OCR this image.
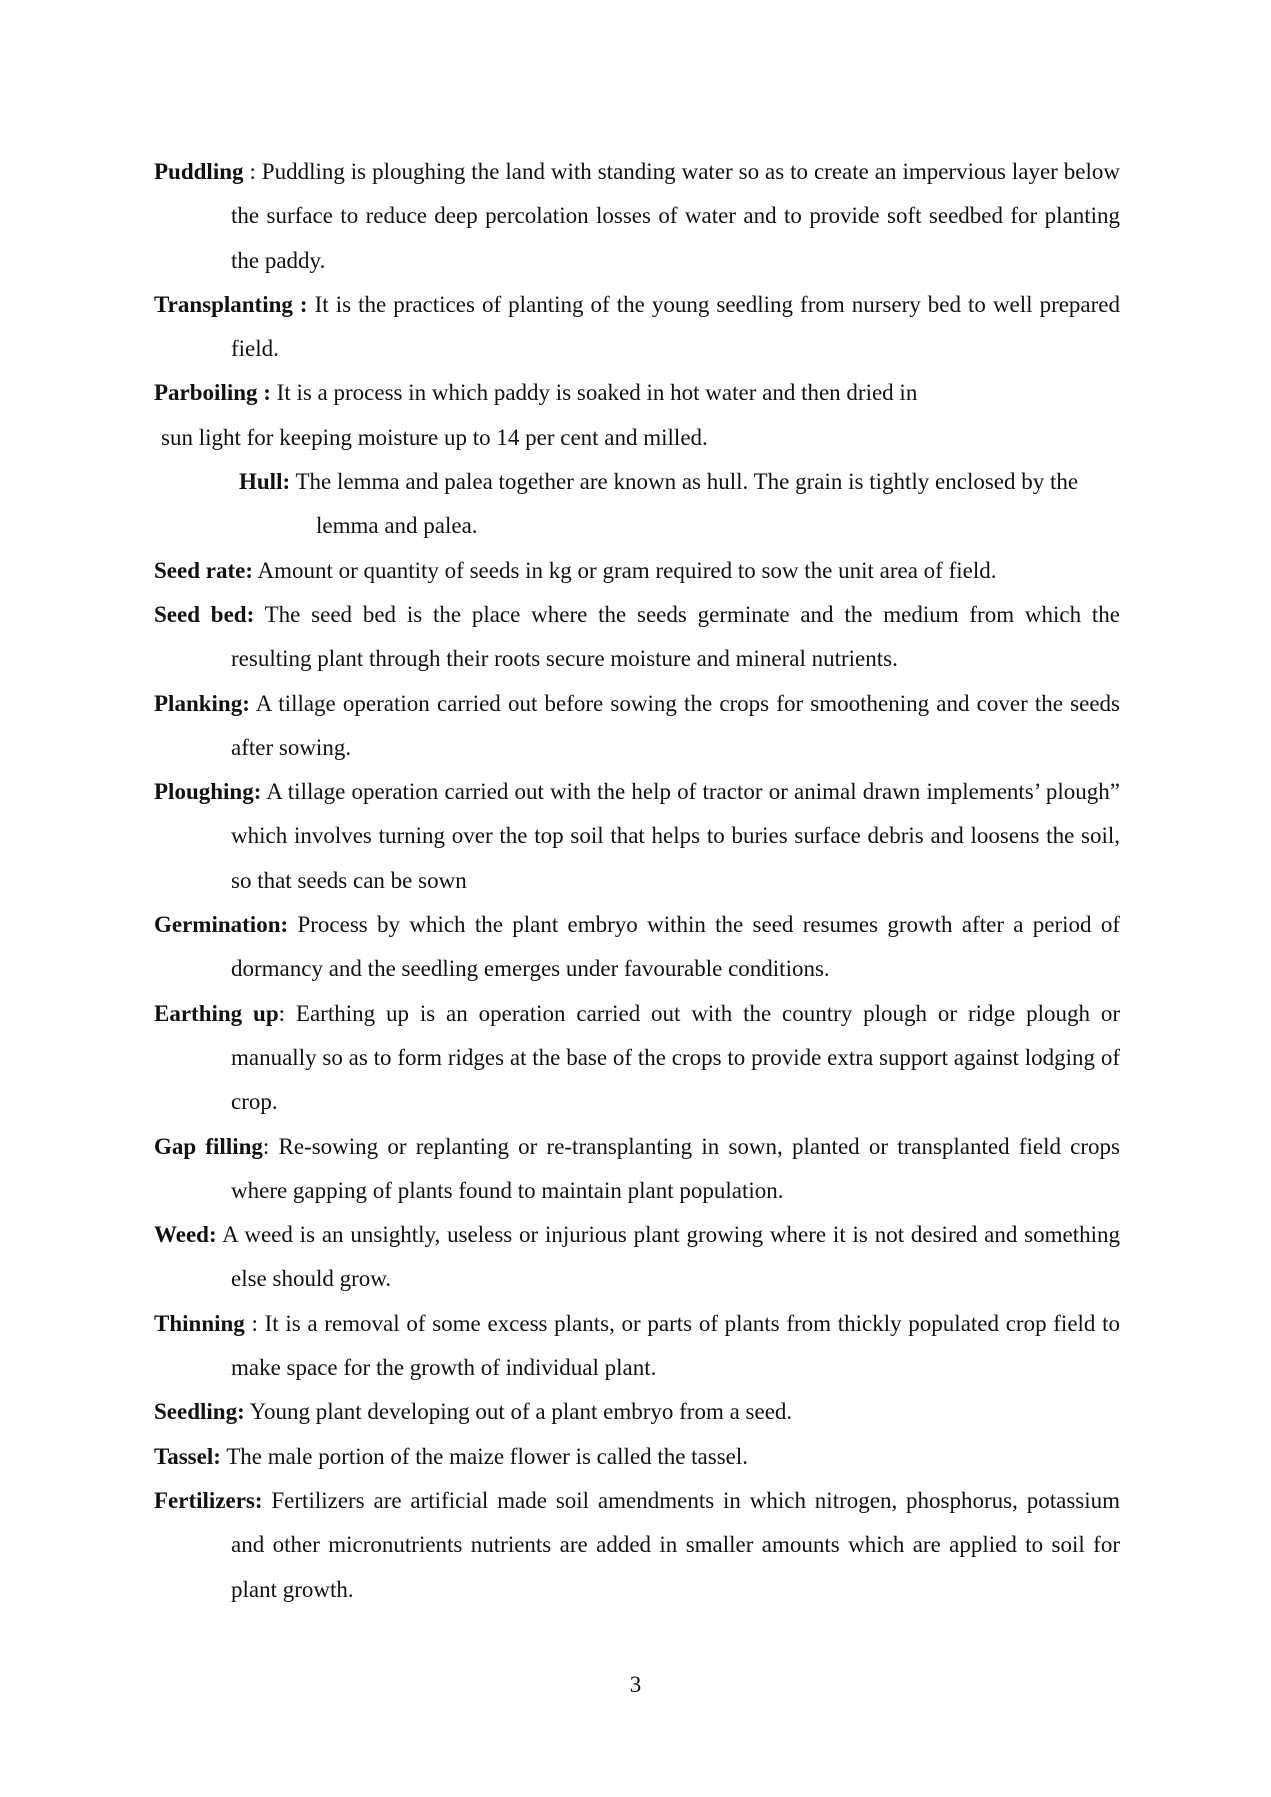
Puddling : Puddling is ploughing the land with standing water so as to create an impervious layer below the surface to reduce deep percolation losses of water and to provide soft seedbed for planting the paddy.

Transplanting : It is the practices of planting of the young seedling from nursery bed to well prepared field.

Parboiling : It is a process in which paddy is soaked in hot water and then dried in

sun light for keeping moisture up to 14 per cent and milled.

Hull: The lemma and palea together are known as hull. The grain is tightly enclosed by the lemma and palea.

Seed rate: Amount or quantity of seeds in kg or gram required to sow the unit area of field.

Seed bed: The seed bed is the place where the seeds germinate and the medium from which the resulting plant through their roots secure moisture and mineral nutrients.

Planking: A tillage operation carried out before sowing the crops for smoothening and cover the seeds after sowing.

Ploughing: A tillage operation carried out with the help of tractor or animal drawn implements’ plough” which involves turning over the top soil that helps to buries surface debris and loosens the soil, so that seeds can be sown

Germination: Process by which the plant embryo within the seed resumes growth after a period of dormancy and the seedling emerges under favourable conditions.

Earthing up: Earthing up is an operation carried out with the country plough or ridge plough or manually so as to form ridges at the base of the crops to provide extra support against lodging of crop.

Gap filling: Re-sowing or replanting or re-transplanting in sown, planted or transplanted field crops where gapping of plants found to maintain plant population.

Weed: A weed is an unsightly, useless or injurious plant growing where it is not desired and something else should grow.

Thinning : It is a removal of some excess plants, or parts of plants from thickly populated crop field to make space for the growth of individual plant.

Seedling: Young plant developing out of a plant embryo from a seed.

Tassel: The male portion of the maize flower is called the tassel.

Fertilizers: Fertilizers are artificial made soil amendments in which nitrogen, phosphorus, potassium and other micronutrients nutrients are added in smaller amounts which are applied to soil for plant growth.

3
